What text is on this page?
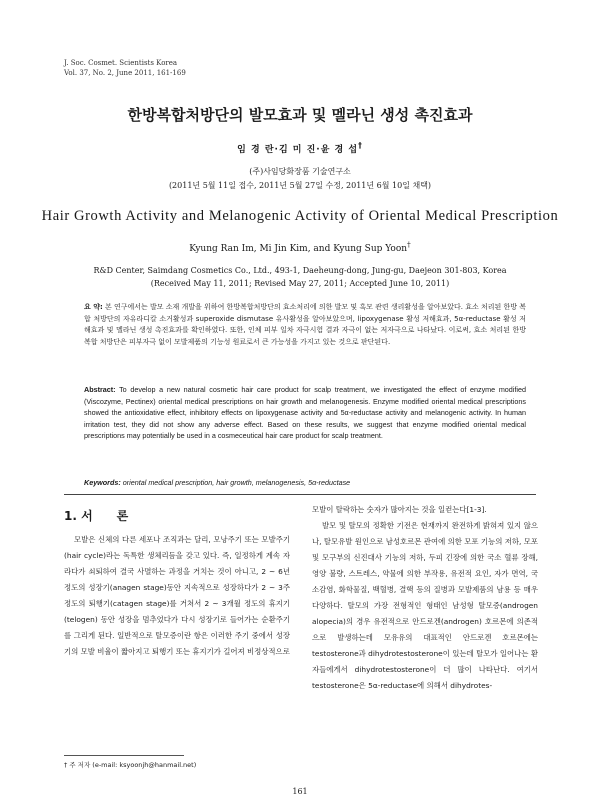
J. Soc. Cosmet. Scientists Korea
Vol. 37, No. 2, June 2011, 161-169
한방복합처방단의 발모효과 및 멜라닌 생성 촉진효과
임 경 란·김 미 진·윤 경 섭†
(주)사임당화장품 기술연구소
(2011년 5월 11일 접수, 2011년 5월 27일 수정, 2011년 6월 10일 채택)
Hair Growth Activity and Melanogenic Activity of Oriental Medical Prescription
Kyung Ran Im, Mi Jin Kim, and Kyung Sup Yoon†
R&D Center, Saimdang Cosmetics Co., Ltd., 493-1, Daeheung-dong, Jung-gu, Daejeon 301-803, Korea
(Received May 11, 2011; Revised May 27, 2011; Accepted June 10, 2011)
요 약: 본 연구에서는 발모 소재 개발을 위하여 한방복합처방단의 효소처리에 의한 발모 및 흑모 관련 생리활성을 알아보았다. 효소 처리된 한방 복합 처방단의 자유라디칼 소거활성과 superoxide dismutase 유사활성을 알아보았으며, lipoxygenase 활성 저해효과, 5α-reductase 활성 저해효과 및 멜라닌 생성 촉진효과를 확인하였다. 또한, 인체 피부 일차 자극시험 결과 자극이 없는 저자극으로 나타났다. 이로써, 효소 처리된 한방 복합 처방단은 피부자극 없이 모발제품의 기능성 원료로서 큰 가능성을 가지고 있는 것으로 판단된다.
Abstract: To develop a new natural cosmetic hair care product for scalp treatment, we investigated the effect of enzyme modified (Viscozyme, Pectinex) oriental medical prescriptions on hair growth and melanogenesis. Enzyme modified oriental medical prescriptions showed the antioxidative effect, inhibitory effects on lipoxygenase activity and 5α-reductase activity and melanogenic activity. In human irritation test, they did not show any adverse effect. Based on these results, we suggest that enzyme modified oriental medical prescriptions may potentially be used in a cosmeceutical hair care product for scalp treatment.
Keywords: oriental medical prescription, hair growth, melanogenesis, 5α-reductase
1. 서　　론

모발은 신체의 다른 세포나 조직과는 달리, 모낭주기 또는 모발주기(hair cycle)라는 독특한 생체리듬을 갖고 있다. 즉, 일정하게 계속 자라다가 쇠퇴하여 결국 사멸하는 과정을 거치는 것이 아니고, 2 ~ 6년 정도의 성장기(anagen stage)동안 지속적으로 성장하다가 2 ~ 3주 정도의 퇴행기(catagen stage)를 거쳐서 2 ~ 3개월 정도의 휴지기(telogen) 동안 성장을 멈추었다가 다시 성장기로 들어가는 순환주기를 그리게 된다. 일반적으로 탈모증이란 항은 이러한 주기 중에서 성장기의 모발 비율이 짧아지고 퇴행기 또는 휴지기가 길어져 비정상적으로

모발이 탈락하는 숫자가 많아지는 것을 일컫는다[1-3].

발모 및 탈모의 정확한 기전은 현재까지 완전하게 밝혀져 있지 않으나, 탈모유발 원인으로 남성호르몬 관여에 의한 모포 기능의 저하, 모포 및 모구부의 신진대사 기능의 저하, 두피 긴장에 의한 국소 혈류 장해, 영양 불량, 스트레스, 약물에 의한 부작용, 유전적 요인, 자가 면역, 국소감염, 화학물질, 백혈병, 결핵 등의 질병과 모발제품의 남용 등 매우 다양하다. 탈모의 가장 전형적인 형태인 남성형 탈모증(androgen alopecia)의 경우 유전적으로 안드로겐(androgen) 호르몬에 의존적으로 발생하는데 모유유의 대표적인 안드로겐 호르몬에는 testosterone과 dihydrotestosterone이 있는데 탈모가 일어나는 환자들에게서 dihydrotestosterone이 더 많이 나타난다. 여기서 testosterone은 5α-reductase에 의해서 dihydrotes-

† 주 저자 (e-mail: ksyoonjh@hanmail.net)
161
